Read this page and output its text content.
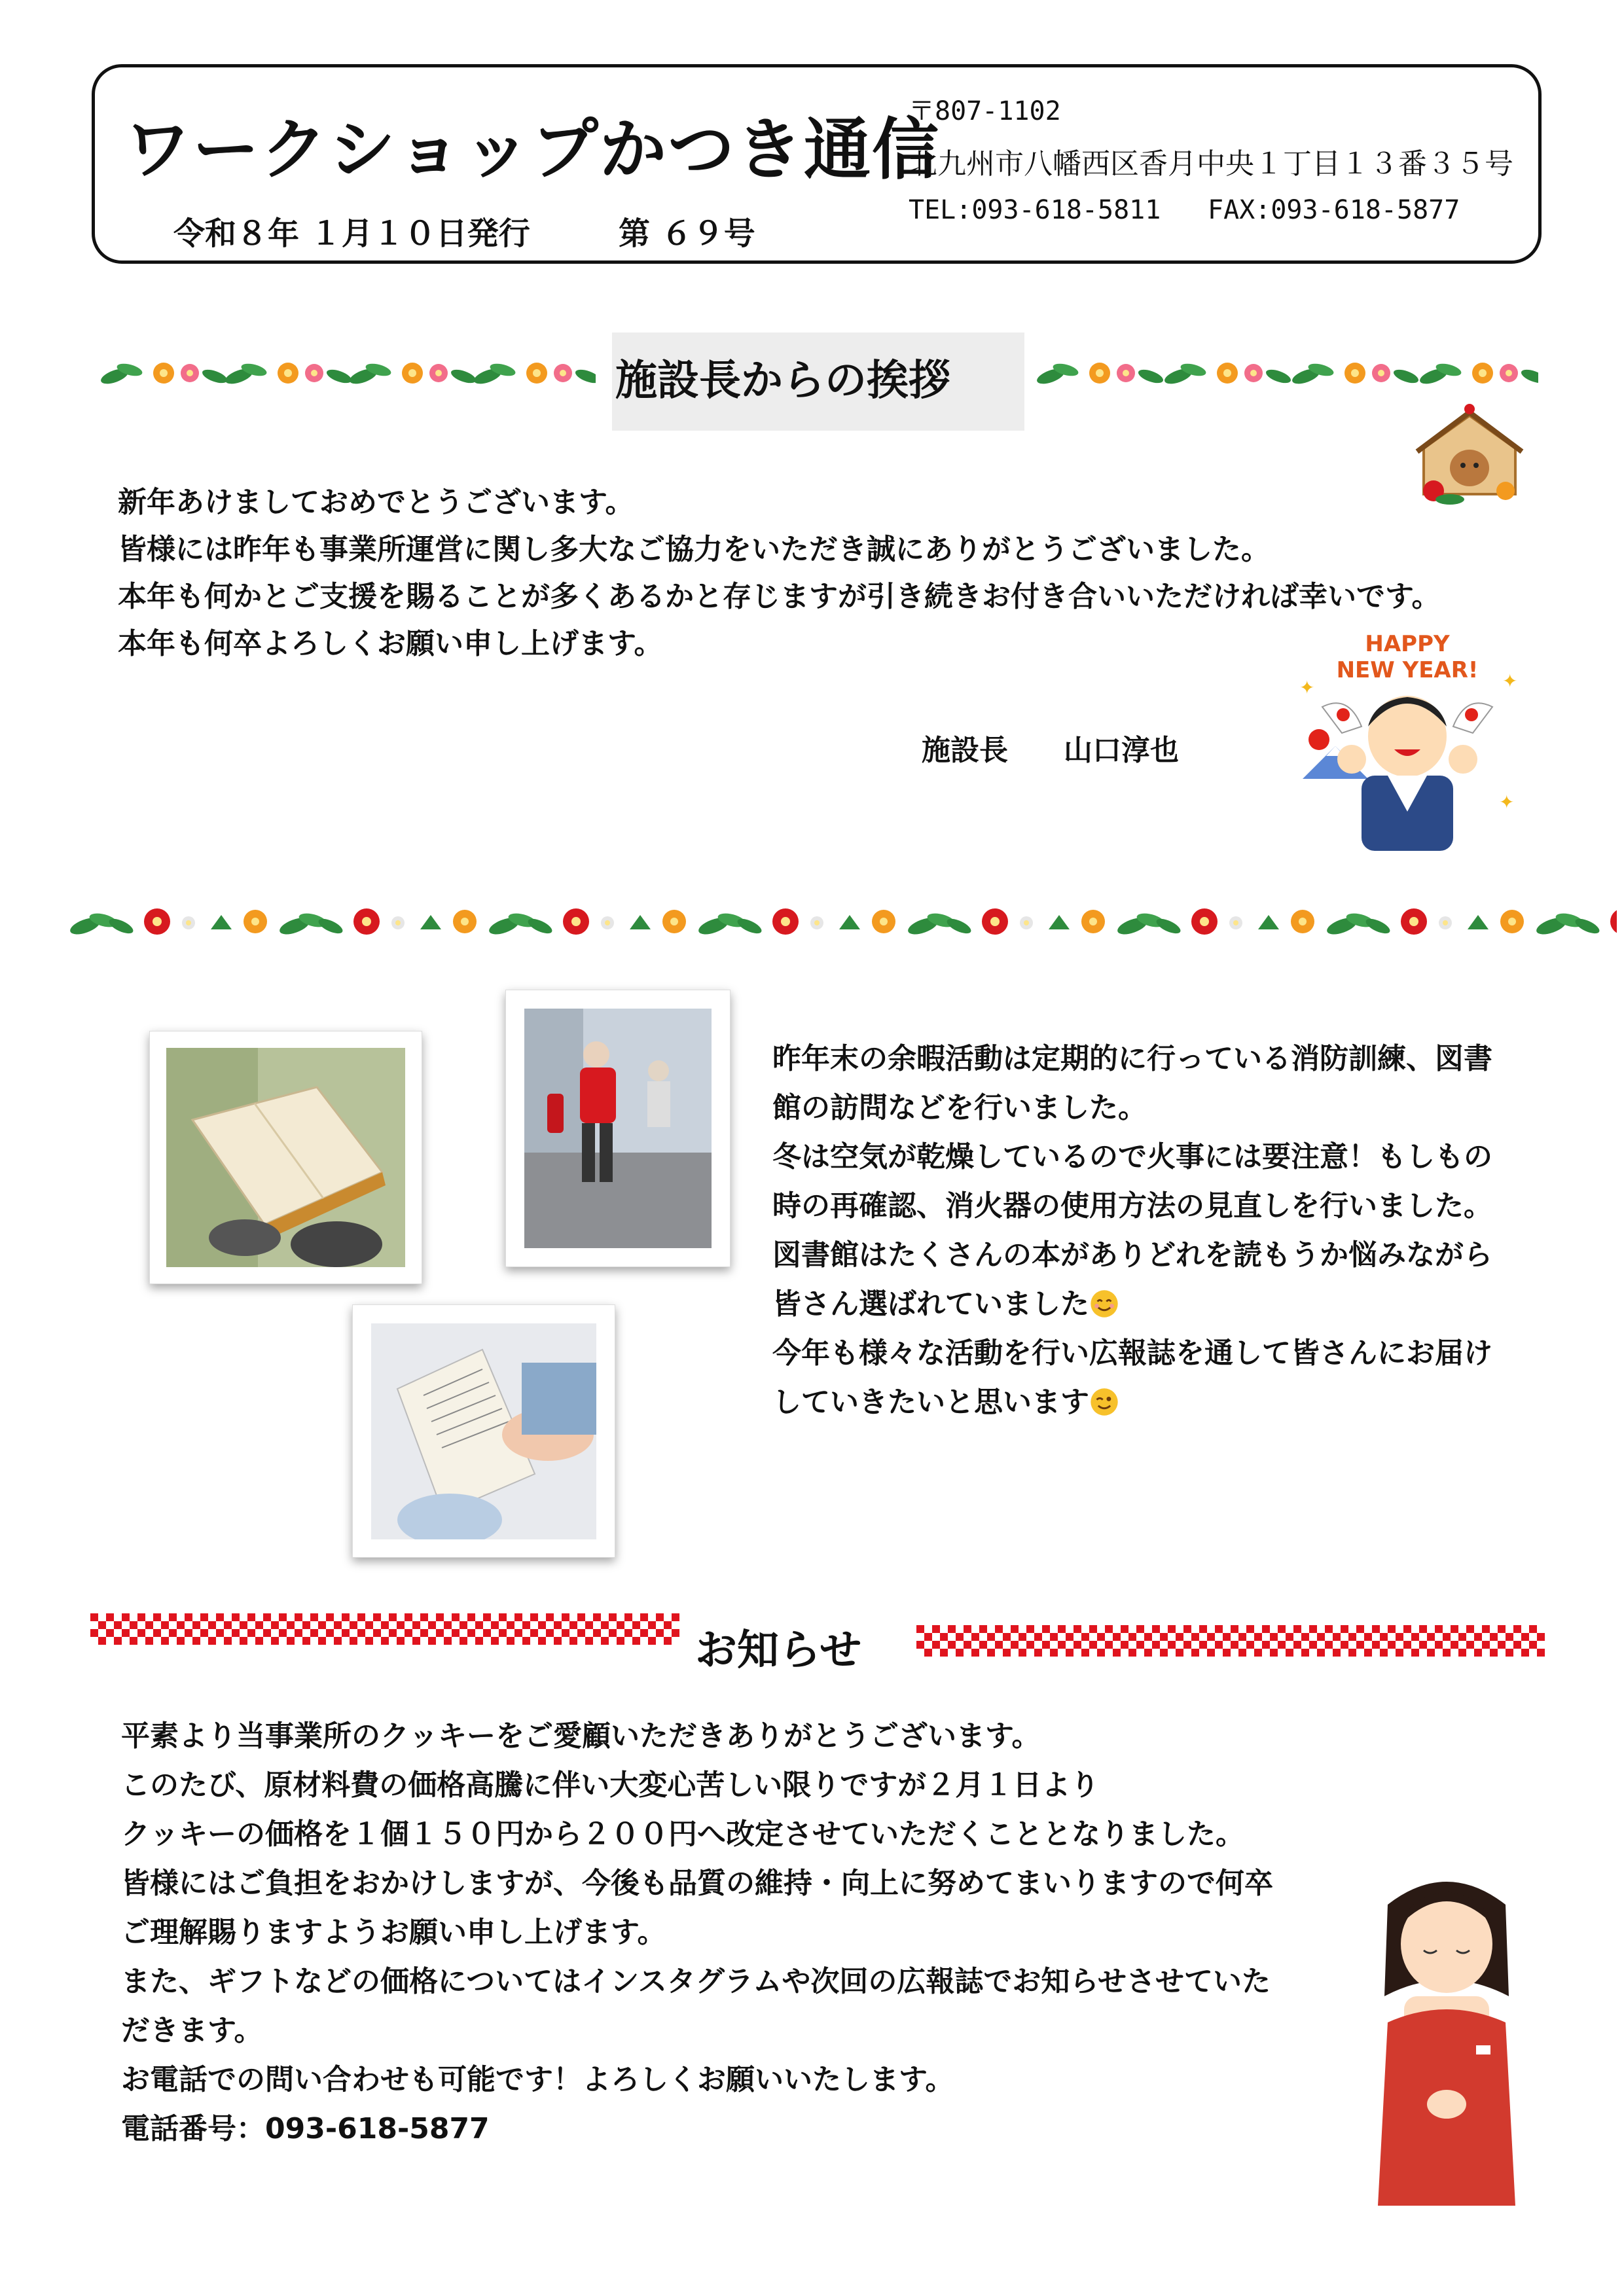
ワークショップかつき通信
令和８年 １月１０日発行	第 ６９号
〒807-1102
北九州市八幡西区香月中央１丁目１３番３５号
TEL:093-618-5811 FAX:093-618-5877
施設長からの挨拶
新年あけましておめでとうございます。
皆様には昨年も事業所運営に関し多大なご協力をいただき誠にありがとうございました。
本年も何かとご支援を賜ることが多くあるかと存じますが引き続きお付き合いいただければ幸いです。
本年も何卒よろしくお願い申し上げます。
施設長 山口淳也
HAPPY
NEW YEAR!
✦	✦
✦
昨年末の余暇活動は定期的に行っている消防訓練、図書
館の訪問などを行いました。
冬は空気が乾燥しているので火事には要注意！もしもの
時の再確認、消火器の使用方法の見直しを行いました。
図書館はたくさんの本がありどれを読もうか悩みながら
皆さん選ばれていました
今年も様々な活動を行い広報誌を通して皆さんにお届け
していきたいと思います
お知らせ
平素より当事業所のクッキーをご愛顧いただきありがとうございます。
このたび、原材料費の価格高騰に伴い大変心苦しい限りですが２月１日より
クッキーの価格を１個１５０円から２００円へ改定させていただくこととなりました。
皆様にはご負担をおかけしますが、今後も品質の維持・向上に努めてまいりますので何卒
ご理解賜りますようお願い申し上げます。
また、ギフトなどの価格についてはインスタグラムや次回の広報誌でお知らせさせていた
だきます。
お電話での問い合わせも可能です！よろしくお願いいたします。
電話番号：093-618-5877
